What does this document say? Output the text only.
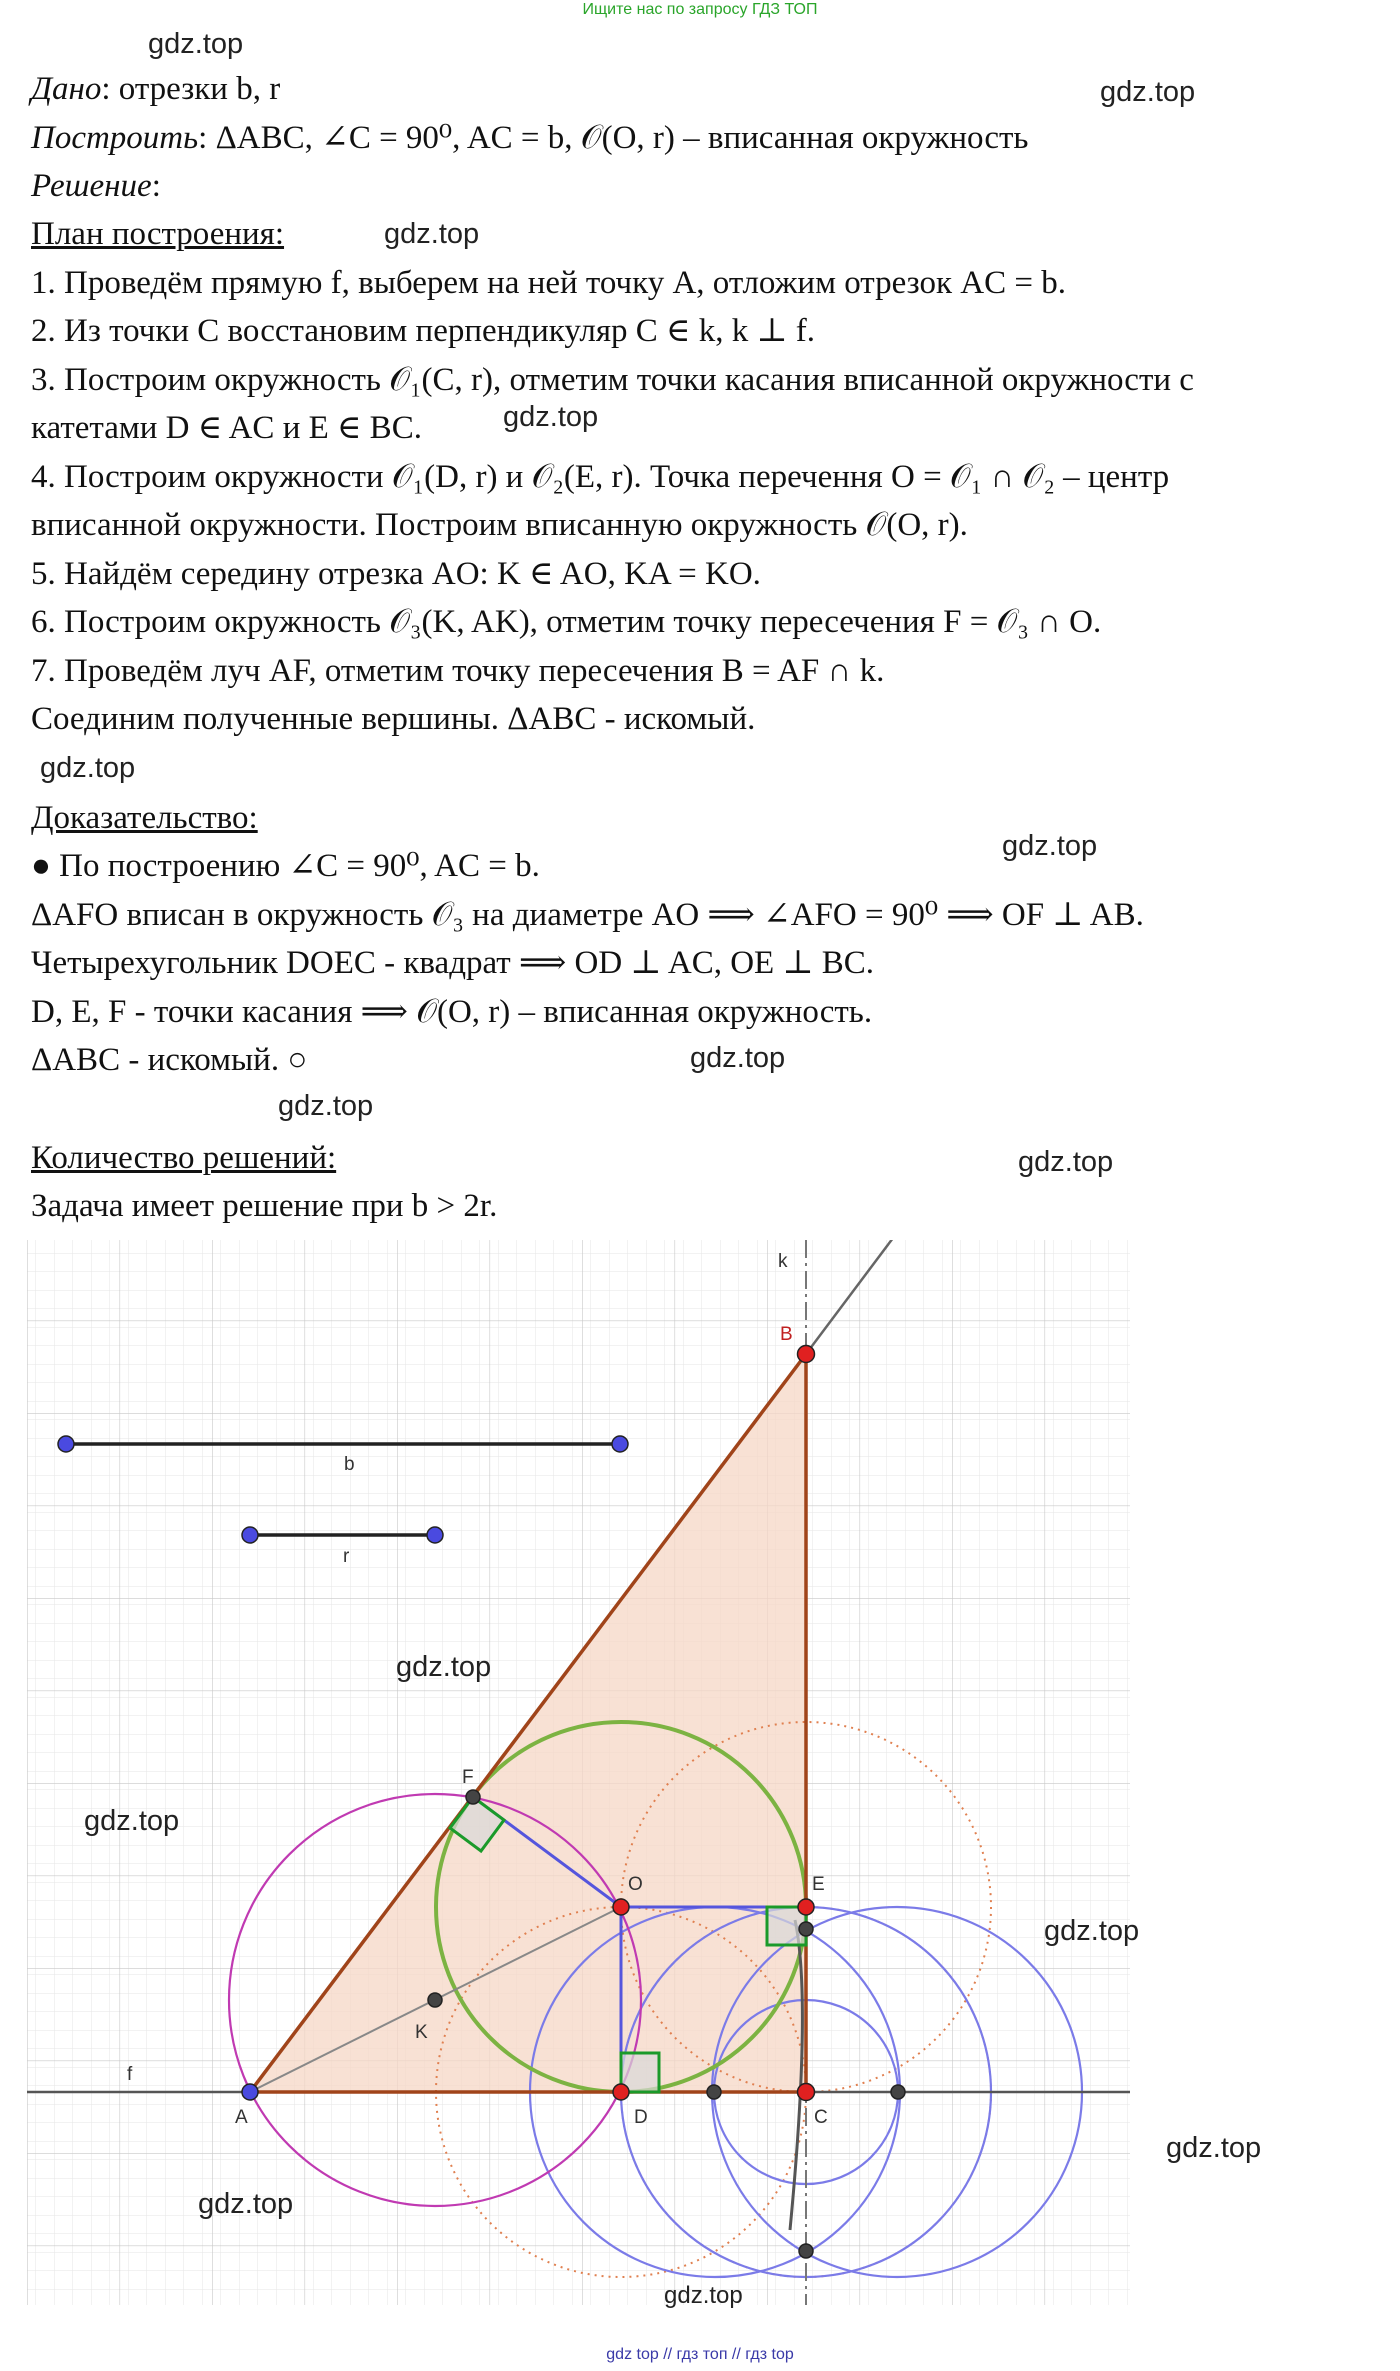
Ищите нас по запросу ГДЗ ТОП
gdz.top
gdz.top
gdz.top
gdz.top
gdz.top
gdz.top
gdz.top
gdz.top
gdz.top
Дано: отрезки b, r
Построить: ΔABC, ∠C = 90⁰, AC = b, 𝒪(O, r) – вписанная окружность
Решение:
План построения:
1. Проведём прямую f, выберем на ней точку A, отложим отрезок AC = b.
2. Из точки C восстановим перпендикуляр C ∈ k, k ⊥ f.
3. Построим окружность 𝒪₁(C, r), отметим точки касания вписанной окружности с
катетами D ∈ AC и E ∈ BC.
4. Построим окружности 𝒪₁(D, r) и 𝒪₂(E, r). Точка перечення O = 𝒪₁ ∩ 𝒪₂ – центр
вписанной окружности. Построим вписанную окружность 𝒪(O, r).
5. Найдём середину отрезка AO: K ∈ AO, KA = KO.
6. Построим окружность 𝒪₃(K, AK), отметим точку пересечения F = 𝒪₃ ∩ O.
7. Проведём луч AF, отметим точку пересечения B = AF ∩ k.
Соединим полученные вершины. ΔABC - искомый.
Доказательство:
● По построению ∠C = 90⁰, AC = b.
ΔAFO вписан в окружность 𝒪₃ на диаметре AO ⟹ ∠AFO = 90⁰ ⟹ OF ⊥ AB.
Четырехугольник DOEC - квадрат ⟹ OD ⊥ AC, OE ⊥ BC.
D, E, F - точки касания ⟹ 𝒪(O, r) – вписанная окружность.
ΔABC - искомый. ○
Количество решений:
Задача имеет решение при b > 2r.
k
B
b
r
F
O	E
K
f
A	D	C
gdz.top
gdz.top
gdz.top
gdz.top
gdz.top
gdz.top
gdz top // гдз топ // гдз top
